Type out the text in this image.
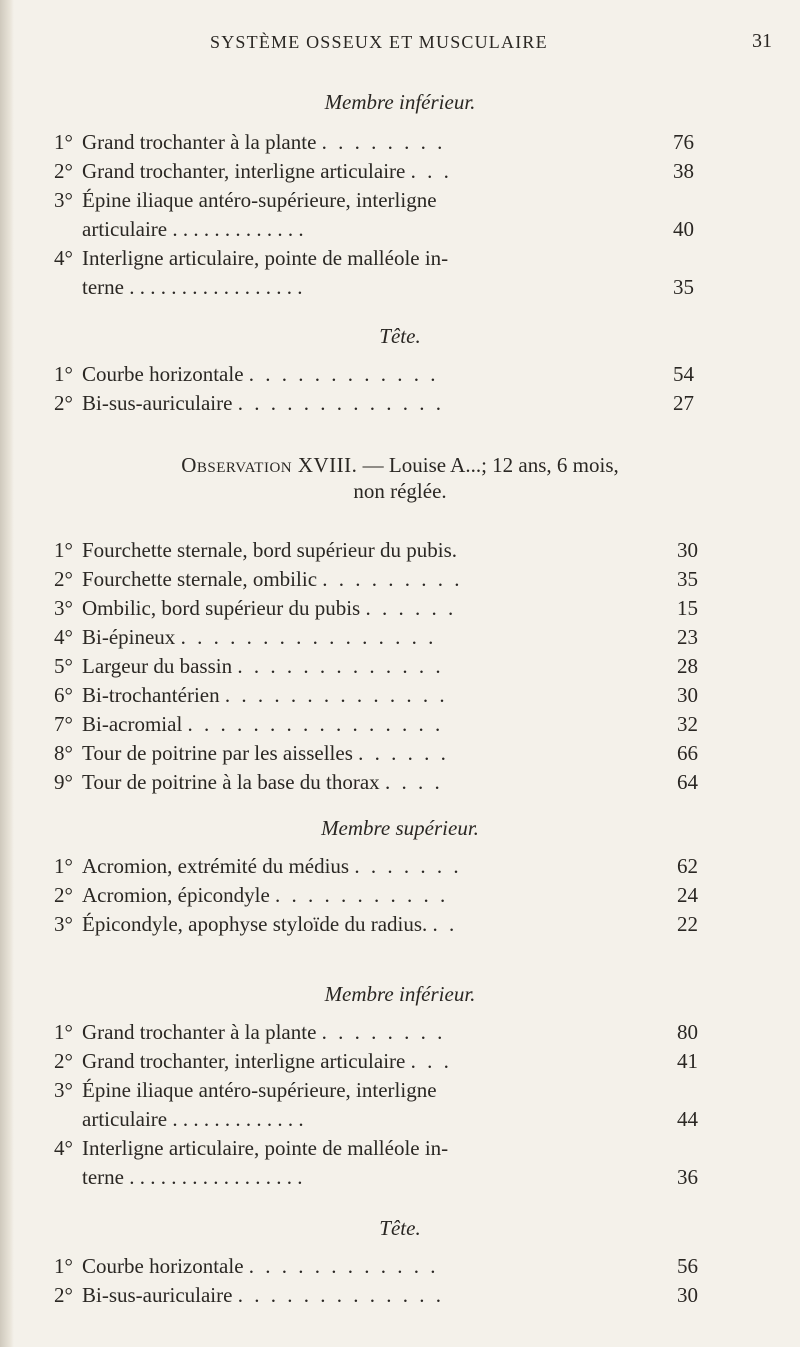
SYSTÈME OSSEUX ET MUSCULAIRE	31
Membre inférieur.
1° Grand trochanter à la plante . . . . . . . .	76
2° Grand trochanter, interligne articulaire . . .	38
3° Épine iliaque antéro-supérieure, interligne
articulaire . . . . . . . . . . . . .	40
4° Interligne articulaire, pointe de malléole in-
terne . . . . . . . . . . . . . . . . .	35
Tête.
1° Courbe horizontale . . . . . . . . . . . .	54
2° Bi-sus-auriculaire . . . . . . . . . . . . .	27
Observation XVIII. — Louise A...; 12 ans, 6 mois,
non réglée.
1° Fourchette sternale, bord supérieur du pubis.	30
2° Fourchette sternale, ombilic . . . . . . . . .	35
3° Ombilic, bord supérieur du pubis . . . . . .	15
4° Bi-épineux . . . . . . . . . . . . . . . .	23
5° Largeur du bassin . . . . . . . . . . . . .	28
6° Bi-trochantérien . . . . . . . . . . . . . .	30
7° Bi-acromial . . . . . . . . . . . . . . . .	32
8° Tour de poitrine par les aisselles . . . . . .	66
9° Tour de poitrine à la base du thorax . . . .	64
Membre supérieur.
1° Acromion, extrémité du médius . . . . . . .	62
2° Acromion, épicondyle . . . . . . . . . . .	24
3° Épicondyle, apophyse styloïde du radius. . .	22
Membre inférieur.
1° Grand trochanter à la plante . . . . . . . .	80
2° Grand trochanter, interligne articulaire . . .	41
3° Épine iliaque antéro-supérieure, interligne
articulaire . . . . . . . . . . . . .	44
4° Interligne articulaire, pointe de malléole in-
terne . . . . . . . . . . . . . . . . .	36
Tête.
1° Courbe horizontale . . . . . . . . . . . .	56
2° Bi-sus-auriculaire . . . . . . . . . . . . .	30
